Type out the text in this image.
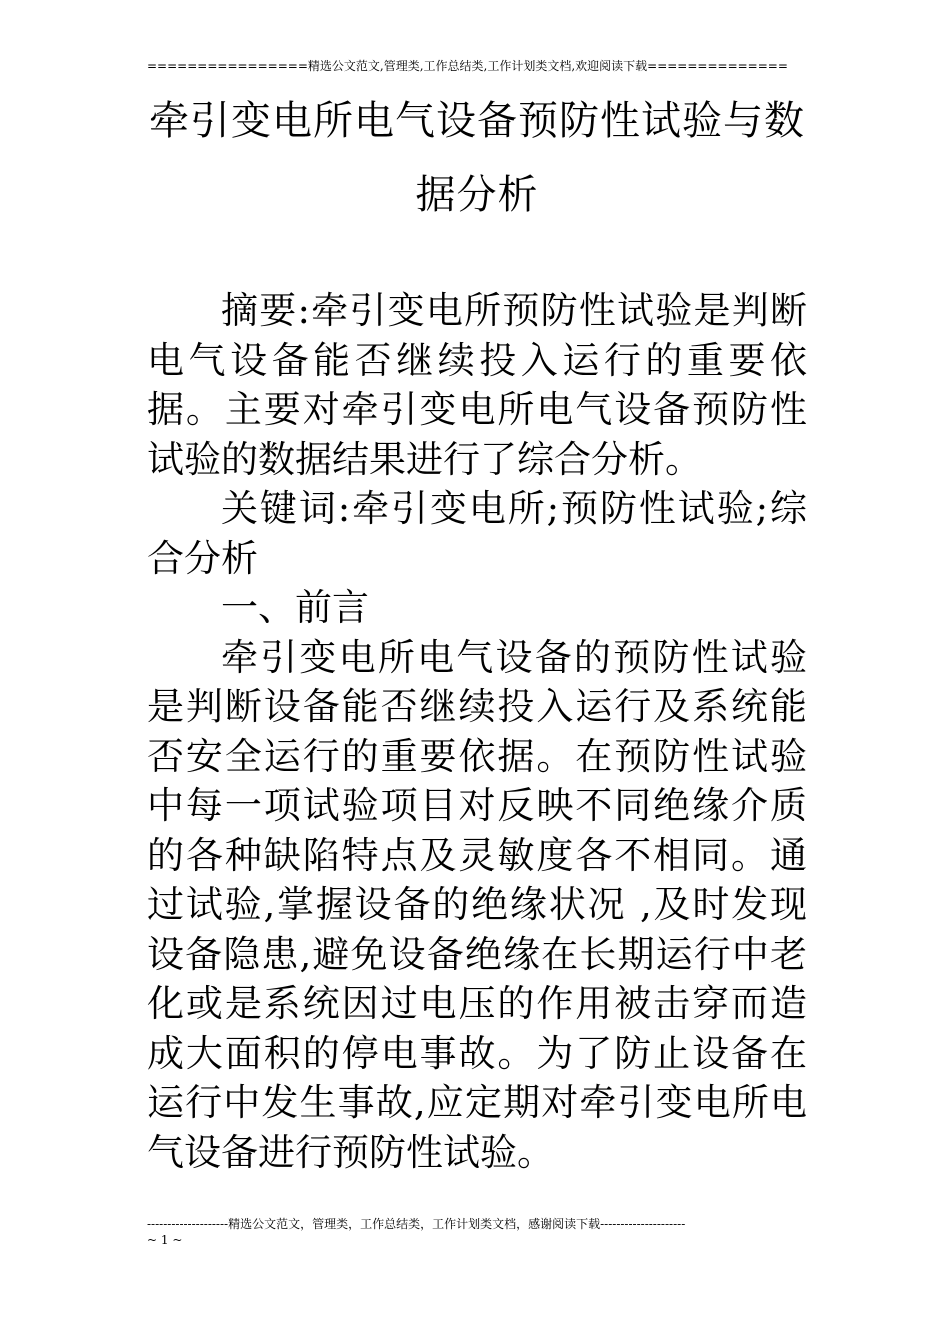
================精选公文范文,管理类,工作总结类,工作计划类文档,欢迎阅读下载==============
牵引变电所电气设备预防性试验与数据分析

摘要:牵引变电所预防性试验是判断电气设备能否继续投入运行的重要依据。主要对牵引变电所电气设备预防性试验的数据结果进行了综合分析。

关键词:牵引变电所;预防性试验;综合分析

一、前言

牵引变电所电气设备的预防性试验是判断设备能否继续投入运行及系统能否安全运行的重要依据。在预防性试验中每一项试验项目对反映不同绝缘介质的各种缺陷特点及灵敏度各不相同。通过试验,掌握设备的绝缘状况 ,及时发现设备隐患,避免设备绝缘在长期运行中老化或是系统因过电压的作用被击穿而造成大面积的停电事故。为了防止设备在运行中发生事故,应定期对牵引变电所电气设备进行预防性试验。

--------------------精选公文范文，管理类，工作总结类，工作计划类文档，感谢阅读下载---------------------
~ 1 ~
